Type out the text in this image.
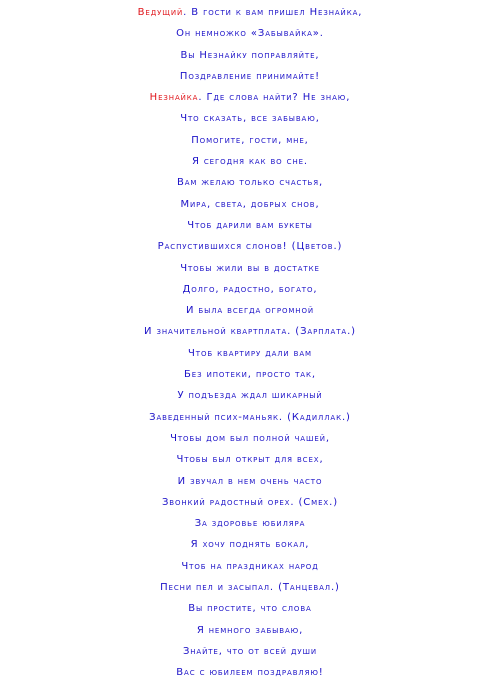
Ведущий. В гости к вам пришел Незнайка,
Он немножко «Забывайка».
Вы Незнайку поправляйте,
Поздравление принимайте!
Незнайка. Где слова найти? Не знаю,
Что сказать, все забываю,
Помогите, гости, мне,
Я сегодня как во сне.
Вам желаю только счастья,
Мира, света, добрых снов,
Чтоб дарили вам букеты
Распустившихся слонов! (Цветов.)
Чтобы жили вы в достатке
Долго, радостно, богато,
И была всегда огромной
И значительной квартплата. (Зарплата.)
Чтоб квартиру дали вам
Без ипотеки, просто так,
У подъезда ждал шикарный
Заведенный псих-маньяк. (Кадиллак.)
Чтобы дом был полной чашей,
Чтобы был открыт для всех,
И звучал в нем очень часто
Звонкий радостный орех. (Смех.)
За здоровье юбиляра
Я хочу поднять бокал,
Чтоб на праздниках народ
Песни пел и засыпал. (Танцевал.)
Вы простите, что слова
Я немного забываю,
Знайте, что от всей души
Вас с юбилеем поздравляю!
